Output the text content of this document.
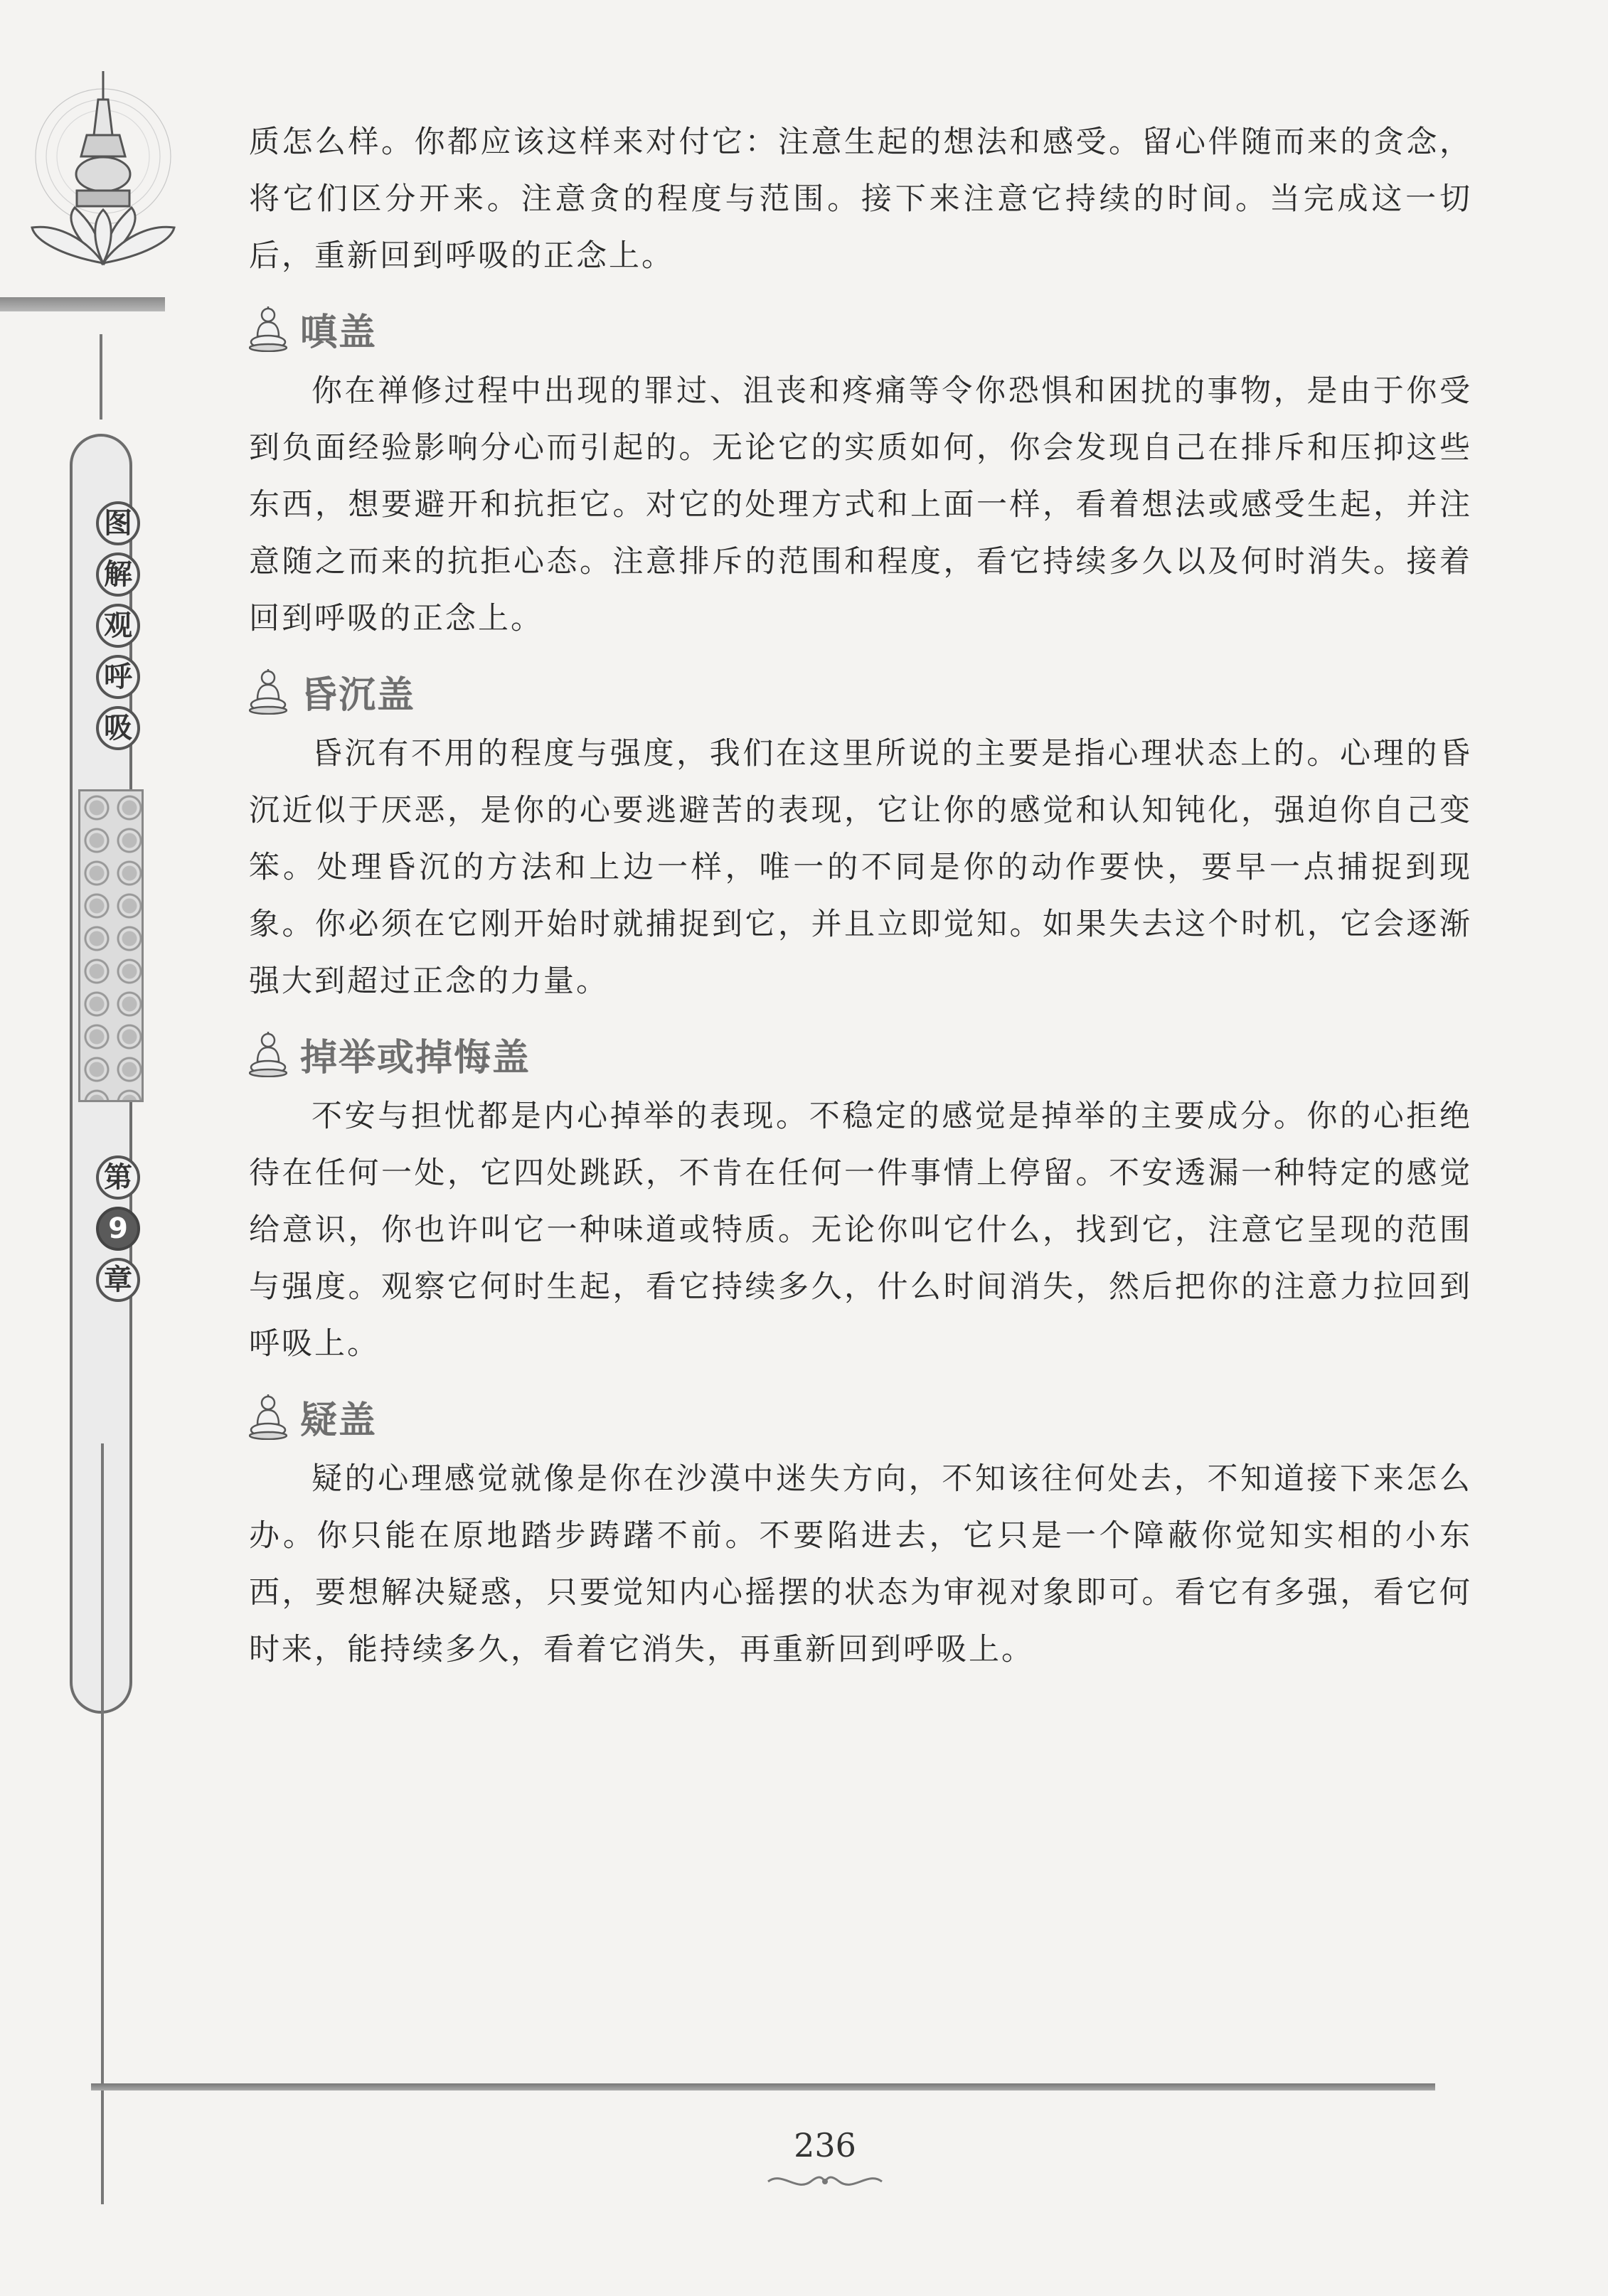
图
解
观
呼
吸
第
9
章

质怎么样。你都应该这样来对付它：注意生起的想法和感受。留心伴随而来的贪念，将它们区分开来。注意贪的程度与范围。接下来注意它持续的时间。当完成这一切后，重新回到呼吸的正念上。

嗔盖

你在禅修过程中出现的罪过、沮丧和疼痛等令你恐惧和困扰的事物，是由于你受到负面经验影响分心而引起的。无论它的实质如何，你会发现自己在排斥和压抑这些东西，想要避开和抗拒它。对它的处理方式和上面一样，看着想法或感受生起，并注意随之而来的抗拒心态。注意排斥的范围和程度，看它持续多久以及何时消失。接着回到呼吸的正念上。

昏沉盖

昏沉有不用的程度与强度，我们在这里所说的主要是指心理状态上的。心理的昏沉近似于厌恶，是你的心要逃避苦的表现，它让你的感觉和认知钝化，强迫你自己变笨。处理昏沉的方法和上边一样，唯一的不同是你的动作要快，要早一点捕捉到现象。你必须在它刚开始时就捕捉到它，并且立即觉知。如果失去这个时机，它会逐渐强大到超过正念的力量。

掉举或掉悔盖

不安与担忧都是内心掉举的表现。不稳定的感觉是掉举的主要成分。你的心拒绝待在任何一处，它四处跳跃，不肯在任何一件事情上停留。不安透漏一种特定的感觉给意识，你也许叫它一种味道或特质。无论你叫它什么，找到它，注意它呈现的范围与强度。观察它何时生起，看它持续多久，什么时间消失，然后把你的注意力拉回到呼吸上。

疑盖

疑的心理感觉就像是你在沙漠中迷失方向，不知该往何处去，不知道接下来怎么办。你只能在原地踏步踌躇不前。不要陷进去，它只是一个障蔽你觉知实相的小东西，要想解决疑惑，只要觉知内心摇摆的状态为审视对象即可。看它有多强，看它何时来，能持续多久，看着它消失，再重新回到呼吸上。

236
